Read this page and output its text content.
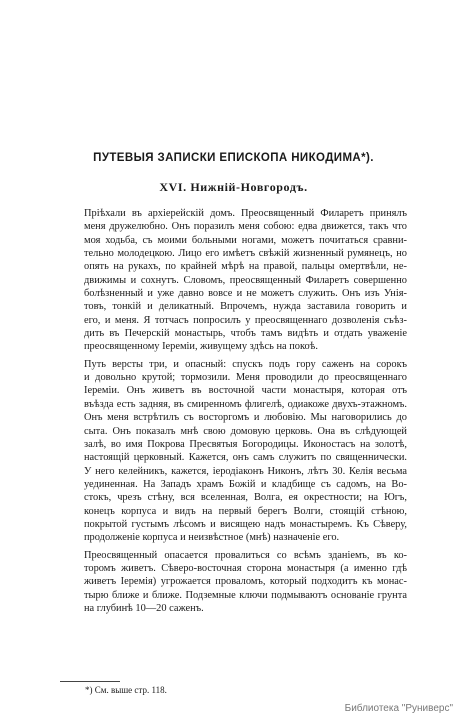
ПУТЕВЫЯ ЗАПИСКИ ЕПИСКОПА НИКОДИМА*).
XVI. Нижній-Новгородъ.

Пріѣхали въ архіерейскій домъ. Преосвященный Филаретъ принялъ
меня дружелюбно. Онъ поразилъ меня собою: едва движется, такъ что
моя ходьба, съ моими больными ногами, можетъ почитаться сравни-
тельно молодецкою. Лицо его имѣетъ свѣжій жизненный румянецъ, но
опять на рукахъ, по крайней мѣрѣ на правой, пальцы омертвѣли, не-
движимы и сохнутъ. Словомъ, преосвященный Филаретъ совершенно
болѣзненный и уже давно вовсе и не можетъ служить. Онъ изъ Унія-
товъ, тонкій и деликатный. Впрочемъ, нужда заставила говорить и
его, и меня. Я тотчасъ попросилъ у преосвященнаго дозволенія съѣз-
дить въ Печерскій монастырь, чтобъ тамъ видѣть и отдать уваженіе
преосвященному Іереміи, живущему здѣсь на покоѣ.

Путь версты три, и опасный: спускъ подъ гору саженъ на сорокъ
и довольно крутой; тормозили. Меня проводили до преосвященнаго
Іереміи. Онъ живетъ въ восточной части монастыря, которая отъ
въѣзда есть задняя, въ смиренномъ флигелѣ, одиакоже двухъ-этажномъ.
Онъ меня встрѣтилъ съ восторгомъ и любовію. Мы наговорились до
сыта. Онъ показалъ мнѣ свою домовую церковь. Она въ слѣдующей
залѣ, во имя Покрова Пресвятыя Богородицы. Иконостасъ на золотѣ,
настоящій церковный. Кажется, онъ самъ служитъ по священнически.
У него келейникъ, кажется, іеродіаконъ Никонъ, лѣтъ 30. Келія весьма
уединенная. На Западъ храмъ Божій и кладбище съ садомъ, на Во-
стокъ, чрезъ стѣну, вся вселенная, Волга, ея окрестности; на Югъ,
конецъ корпуса и видъ на первый берегъ Волги, стоящій стѣною,
покрытой густымъ лѣсомъ и висящею надъ монастыремъ. Къ Сѣверу,
продолженіе корпуса и неизвѣстное (мнѣ) назначеніе его.

Преосвященный опасается провалиться со всѣмъ зданіемъ, въ ко-
торомъ живетъ. Сѣверо-восточная сторона монастыря (а именно гдѣ
живетъ Іеремія) угрожается проваломъ, который подходитъ къ монас-
тырю ближе и ближе. Подземные ключи подмываютъ основаніе грунта
на глубинѣ 10—20 саженъ.

*) См. выше стр. 118.
Библиотека "Руниверс"
